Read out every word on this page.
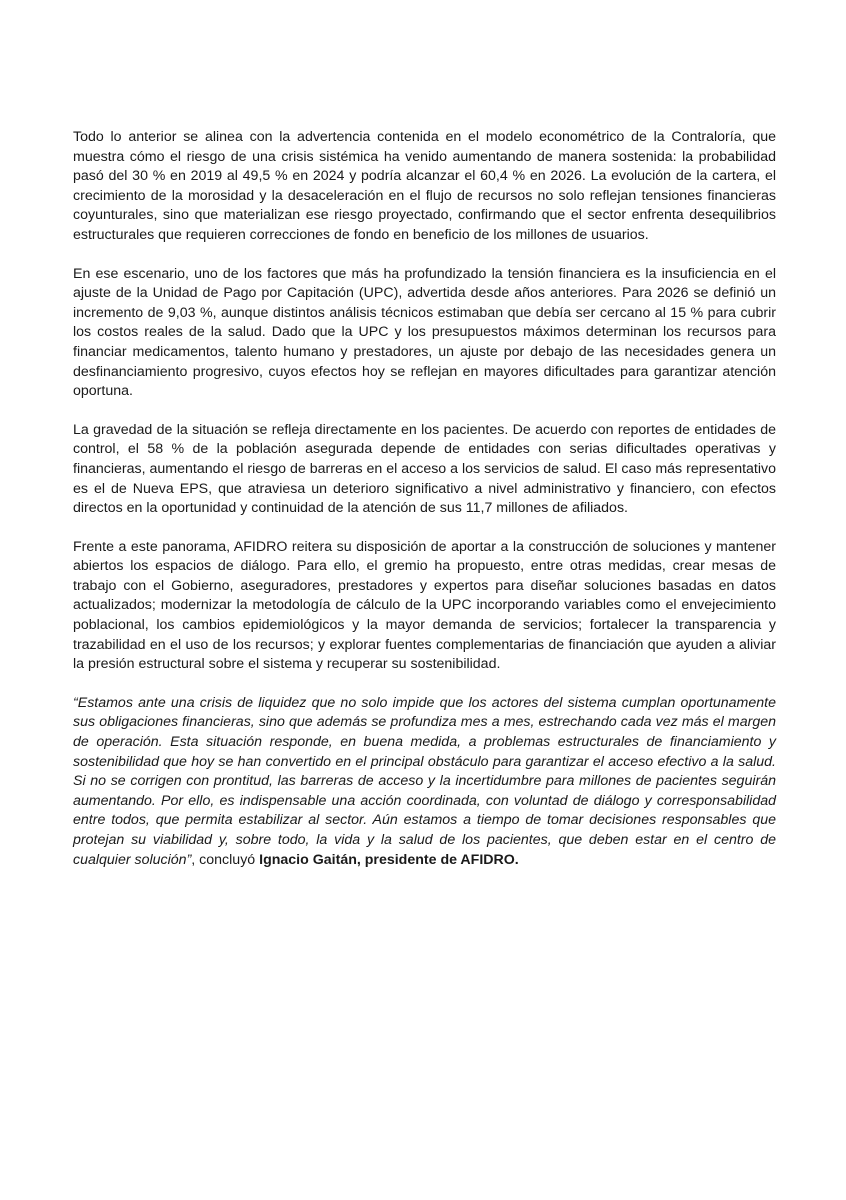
Todo lo anterior se alinea con la advertencia contenida en el modelo econométrico de la Contraloría, que muestra cómo el riesgo de una crisis sistémica ha venido aumentando de manera sostenida: la probabilidad pasó del 30 % en 2019 al 49,5 % en 2024 y podría alcanzar el 60,4 % en 2026. La evolución de la cartera, el crecimiento de la morosidad y la desaceleración en el flujo de recursos no solo reflejan tensiones financieras coyunturales, sino que materializan ese riesgo proyectado, confirmando que el sector enfrenta desequilibrios estructurales que requieren correcciones de fondo en beneficio de los millones de usuarios.

En ese escenario, uno de los factores que más ha profundizado la tensión financiera es la insuficiencia en el ajuste de la Unidad de Pago por Capitación (UPC), advertida desde años anteriores. Para 2026 se definió un incremento de 9,03 %, aunque distintos análisis técnicos estimaban que debía ser cercano al 15 % para cubrir los costos reales de la salud. Dado que la UPC y los presupuestos máximos determinan los recursos para financiar medicamentos, talento humano y prestadores, un ajuste por debajo de las necesidades genera un desfinanciamiento progresivo, cuyos efectos hoy se reflejan en mayores dificultades para garantizar atención oportuna.

La gravedad de la situación se refleja directamente en los pacientes. De acuerdo con reportes de entidades de control, el 58 % de la población asegurada depende de entidades con serias dificultades operativas y financieras, aumentando el riesgo de barreras en el acceso a los servicios de salud. El caso más representativo es el de Nueva EPS, que atraviesa un deterioro significativo a nivel administrativo y financiero, con efectos directos en la oportunidad y continuidad de la atención de sus 11,7 millones de afiliados.

Frente a este panorama, AFIDRO reitera su disposición de aportar a la construcción de soluciones y mantener abiertos los espacios de diálogo. Para ello, el gremio ha propuesto, entre otras medidas, crear mesas de trabajo con el Gobierno, aseguradores, prestadores y expertos para diseñar soluciones basadas en datos actualizados; modernizar la metodología de cálculo de la UPC incorporando variables como el envejecimiento poblacional, los cambios epidemiológicos y la mayor demanda de servicios; fortalecer la transparencia y trazabilidad en el uso de los recursos; y explorar fuentes complementarias de financiación que ayuden a aliviar la presión estructural sobre el sistema y recuperar su sostenibilidad.

“Estamos ante una crisis de liquidez que no solo impide que los actores del sistema cumplan oportunamente sus obligaciones financieras, sino que además se profundiza mes a mes, estrechando cada vez más el margen de operación. Esta situación responde, en buena medida, a problemas estructurales de financiamiento y sostenibilidad que hoy se han convertido en el principal obstáculo para garantizar el acceso efectivo a la salud. Si no se corrigen con prontitud, las barreras de acceso y la incertidumbre para millones de pacientes seguirán aumentando. Por ello, es indispensable una acción coordinada, con voluntad de diálogo y corresponsabilidad entre todos, que permita estabilizar al sector. Aún estamos a tiempo de tomar decisiones responsables que protejan su viabilidad y, sobre todo, la vida y la salud de los pacientes, que deben estar en el centro de cualquier solución”, concluyó Ignacio Gaitán, presidente de AFIDRO.
